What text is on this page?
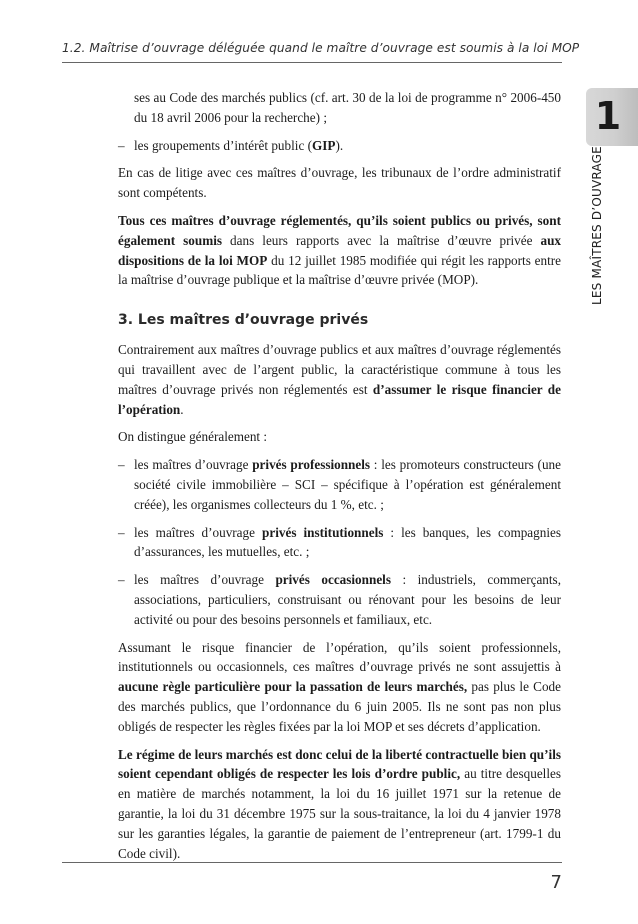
1.2. Maîtrise d’ouvrage déléguée quand le maître d’ouvrage est soumis à la loi MOP
1
LES MAÎTRES D’OUVRAGE

ses au Code des marchés publics (cf. art. 30 de la loi de programme n° 2006-450 du 18 avril 2006 pour la recherche) ;

– les groupements d’intérêt public (GIP).

En cas de litige avec ces maîtres d’ouvrage, les tribunaux de l’ordre administratif sont compétents.

Tous ces maîtres d’ouvrage réglementés, qu’ils soient publics ou privés, sont également soumis dans leurs rapports avec la maîtrise d’œuvre privée aux dispositions de la loi MOP du 12 juillet 1985 modifiée qui régit les rapports entre la maîtrise d’ouvrage publique et la maîtrise d’œuvre privée (MOP).

3. Les maîtres d’ouvrage privés

Contrairement aux maîtres d’ouvrage publics et aux maîtres d’ouvrage réglementés qui travaillent avec de l’argent public, la caractéristique commune à tous les maîtres d’ouvrage privés non réglementés est d’assumer le risque financier de l’opération.

On distingue généralement :

– les maîtres d’ouvrage privés professionnels : les promoteurs constructeurs (une société civile immobilière – SCI – spécifique à l’opération est généralement créée), les organismes collecteurs du 1 %, etc. ;
– les maîtres d’ouvrage privés institutionnels : les banques, les compagnies d’assurances, les mutuelles, etc. ;
– les maîtres d’ouvrage privés occasionnels : industriels, commerçants, associations, particuliers, construisant ou rénovant pour les besoins de leur activité ou pour des besoins personnels et familiaux, etc.

Assumant le risque financier de l’opération, qu’ils soient professionnels, institutionnels ou occasionnels, ces maîtres d’ouvrage privés ne sont assujettis à aucune règle particulière pour la passation de leurs marchés, pas plus le Code des marchés publics, que l’ordonnance du 6 juin 2005. Ils ne sont pas non plus obligés de respecter les règles fixées par la loi MOP et ses décrets d’application.

Le régime de leurs marchés est donc celui de la liberté contractuelle bien qu’ils soient cependant obligés de respecter les lois d’ordre public, au titre desquelles en matière de marchés notamment, la loi du 16 juillet 1971 sur la retenue de garantie, la loi du 31 décembre 1975 sur la sous-traitance, la loi du 4 janvier 1978 sur les garanties légales, la garantie de paiement de l’entrepreneur (art. 1799-1 du Code civil).

7
